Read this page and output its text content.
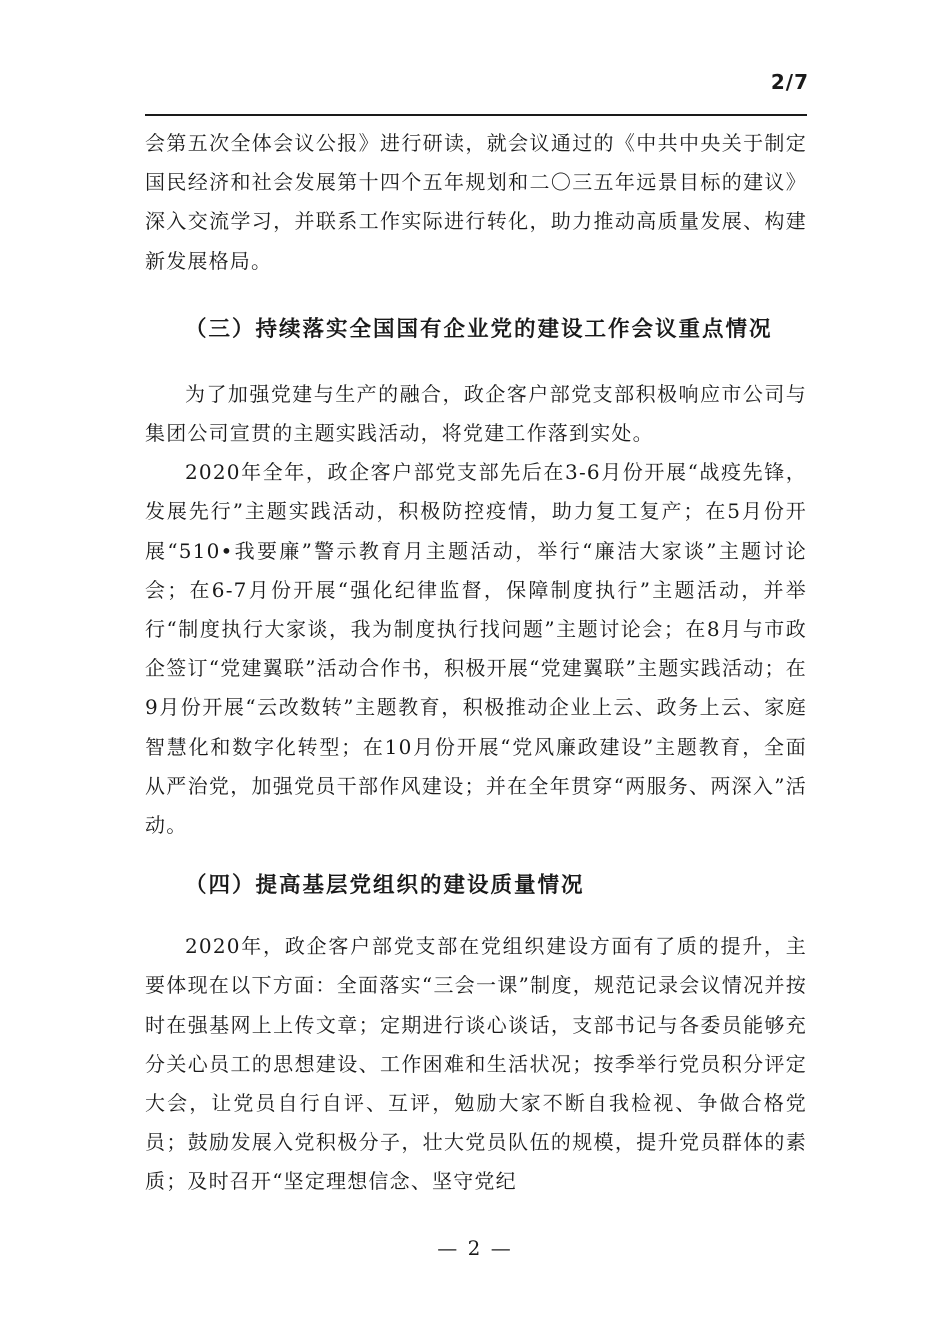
2/7

会第五次全体会议公报》进行研读，就会议通过的《中共中央关于制定国民经济和社会发展第十四个五年规划和二〇三五年远景目标的建议》深入交流学习，并联系工作实际进行转化，助力推动高质量发展、构建新发展格局。

（三）持续落实全国国有企业党的建设工作会议重点情况

为了加强党建与生产的融合，政企客户部党支部积极响应市公司与集团公司宣贯的主题实践活动，将党建工作落到实处。

2020年全年，政企客户部党支部先后在3-6月份开展“战疫先锋，发展先行”主题实践活动，积极防控疫情，助力复工复产；在5月份开展“510•我要廉”警示教育月主题活动，举行“廉洁大家谈”主题讨论会；在6-7月份开展“强化纪律监督，保障制度执行”主题活动，并举行“制度执行大家谈，我为制度执行找问题”主题讨论会；在8月与市政企签订“党建翼联”活动合作书，积极开展“党建翼联”主题实践活动；在9月份开展“云改数转”主题教育，积极推动企业上云、政务上云、家庭智慧化和数字化转型；在10月份开展“党风廉政建设”主题教育，全面从严治党，加强党员干部作风建设；并在全年贯穿“两服务、两深入”活动。

（四）提高基层党组织的建设质量情况

2020年，政企客户部党支部在党组织建设方面有了质的提升，主要体现在以下方面：全面落实“三会一课”制度，规范记录会议情况并按时在强基网上上传文章；定期进行谈心谈话，支部书记与各委员能够充分关心员工的思想建设、工作困难和生活状况；按季举行党员积分评定大会，让党员自行自评、互评，勉励大家不断自我检视、争做合格党员；鼓励发展入党积极分子，壮大党员队伍的规模，提升党员群体的素质；及时召开“坚定理想信念、坚守党纪

— 2 —
